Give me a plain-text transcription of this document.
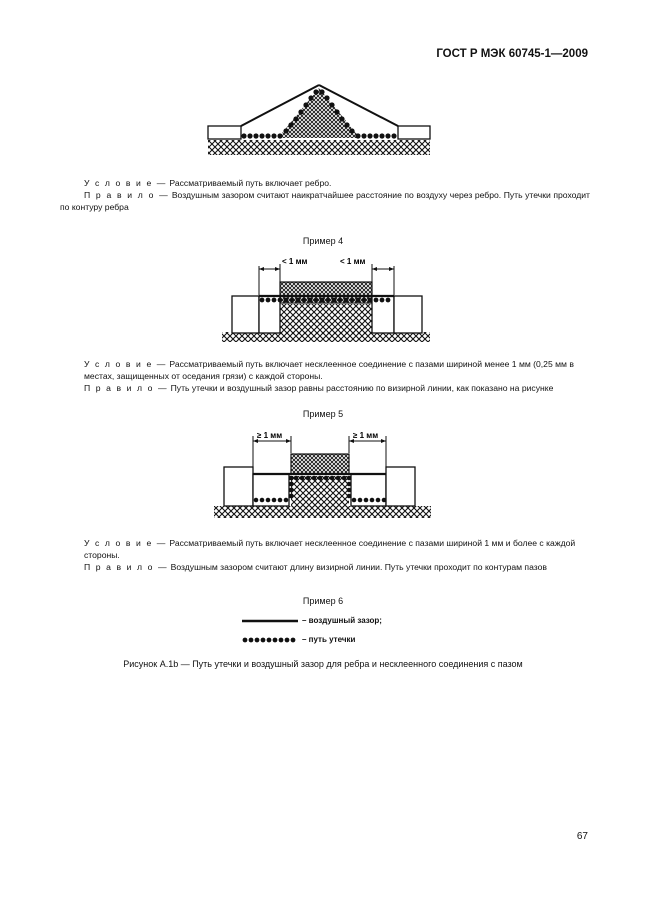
ГОСТ Р МЭК 60745-1—2009
У с л о в и е — Рассматриваемый путь включает ребро.
П р а в и л о — Воздушным зазором считают наикратчайшее расстояние по воздуху через ребро. Путь утечки проходит по контуру ребра
Пример 4
< 1 мм	< 1 мм
У с л о в и е — Рассматриваемый путь включает несклеенное соединение с пазами шириной менее 1 мм (0,25 мм в местах, защищенных от оседания грязи) с каждой стороны.
П р а в и л о — Путь утечки и воздушный зазор равны расстоянию по визирной линии, как показано на рисунке
Пример 5
≥ 1 мм	≥ 1 мм
У с л о в и е — Рассматриваемый путь включает несклеенное соединение с пазами шириной 1 мм и более с каждой стороны.
П р а в и л о — Воздушным зазором считают длину визирной линии. Путь утечки проходит по контурам пазов
Пример 6
– воздушный зазор;
– путь утечки
Рисунок А.1b — Путь утечки и воздушный зазор для ребра и несклеенного соединения с пазом
67
